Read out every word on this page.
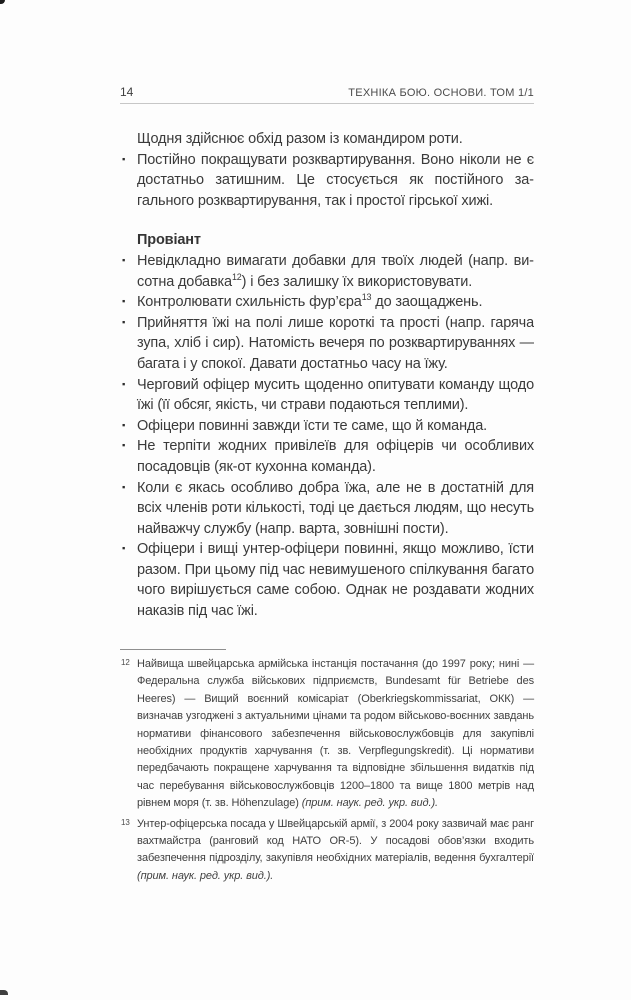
14	ТЕХНІКА БОЮ. ОСНОВИ. ТОМ 1/1
Щодня здійснює обхід разом із командиром роти.
▪ Постійно покращувати розквартирування. Воно ніколи не є достатньо затишним. Це стосується як постійного загального розквартирування, так і простої гірської хижі.
Провіант
▪ Невідкладно вимагати добавки для твоїх людей (напр. висотна добавка$^{12}$) і без залишку їх використовувати.
▪ Контролювати схильність фур’єра$^{13}$ до заощаджень.
▪ Прийняття їжі на полі лише короткі та прості (напр. гаряча зупа, хліб і сир). Натомість вечеря по розквартируваннях — багата і у спокої. Давати достатньо часу на їжу.
▪ Черговий офіцер мусить щоденно опитувати команду щодо їжі (її обсяг, якість, чи страви подаються теплими).
▪ Офіцери повинні завжди їсти те саме, що й команда.
▪ Не терпіти жодних привілеїв для офіцерів чи особливих посадовців (як-от кухонна команда).
▪ Коли є якась особливо добра їжа, але не в достатній для всіх членів роти кількості, тоді це дається людям, що несуть найважчу службу (напр. варта, зовнішні пости).
▪ Офіцери і вищі унтер-офіцери повинні, якщо можливо, їсти разом. При цьому під час невимушеного спілкування багато чого вирішується саме собою. Однак не роздавати жодних наказів під час їжі.
12 Найвища швейцарська армійська інстанція постачання (до 1997 року; нині — Федеральна служба військових підприємств, Bundesamt für Betriebe des Heeres) — Вищий воєнний комісаріат (Oberkriegskommissariat, ОКК) — визначав узгоджені з актуальними цінами та родом військово-воєнних завдань нормативи фінансового забезпечення військовослужбовців для закупівлі необхідних продуктів харчування (т. зв. Verpflegungskredit). Ці нормативи передбачають покращене харчування та відповідне збільшення видатків під час перебування військовослужбовців 1200–1800 та вище 1800 метрів над рівнем моря (т. зв. Höhenzulage) (прим. наук. ред. укр. вид.).
13 Унтер-офіцерська посада у Швейцарській армії, з 2004 року зазвичай має ранг вахтмайстра (ранговий код НАТО OR-5). У посадові обов’язки входить забезпечення підрозділу, закупівля необхідних матеріалів, ведення бухгалтерії (прим. наук. ред. укр. вид.).
